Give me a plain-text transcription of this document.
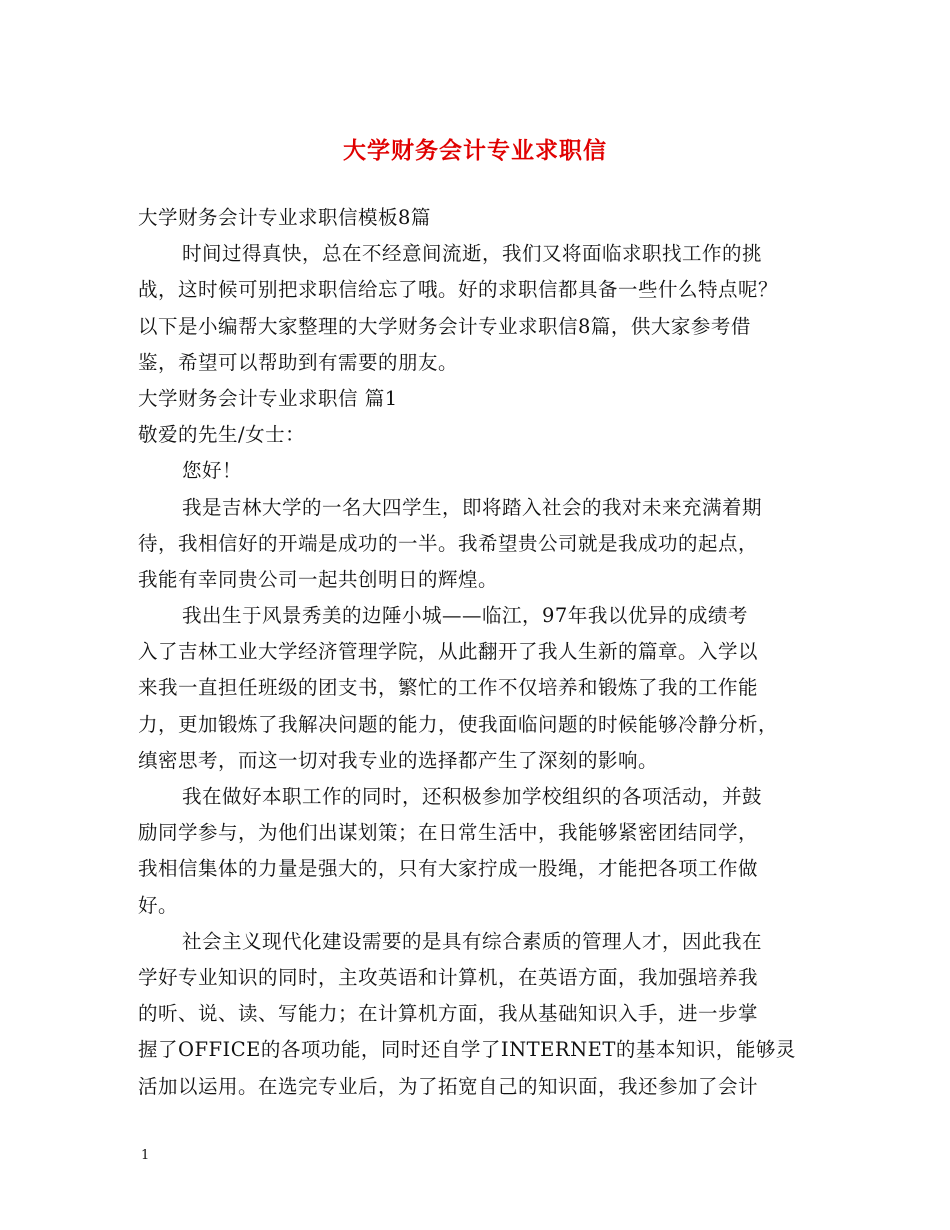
大学财务会计专业求职信
大学财务会计专业求职信模板8篇
时间过得真快，总在不经意间流逝，我们又将面临求职找工作的挑
战，这时候可别把求职信给忘了哦。好的求职信都具备一些什么特点呢？
以下是小编帮大家整理的大学财务会计专业求职信8篇，供大家参考借
鉴，希望可以帮助到有需要的朋友。
大学财务会计专业求职信 篇1
敬爱的先生/女士：
您好！
我是吉林大学的一名大四学生，即将踏入社会的我对未来充满着期
待，我相信好的开端是成功的一半。我希望贵公司就是我成功的起点，
我能有幸同贵公司一起共创明日的辉煌。
我出生于风景秀美的边陲小城——临江，97年我以优异的成绩考
入了吉林工业大学经济管理学院，从此翻开了我人生新的篇章。入学以
来我一直担任班级的团支书，繁忙的工作不仅培养和锻炼了我的工作能
力，更加锻炼了我解决问题的能力，使我面临问题的时候能够冷静分析，
缜密思考，而这一切对我专业的选择都产生了深刻的影响。
我在做好本职工作的同时，还积极参加学校组织的各项活动，并鼓
励同学参与，为他们出谋划策；在日常生活中，我能够紧密团结同学，
我相信集体的力量是强大的，只有大家拧成一股绳，才能把各项工作做
好。
社会主义现代化建设需要的是具有综合素质的管理人才，因此我在
学好专业知识的同时，主攻英语和计算机，在英语方面，我加强培养我
的听、说、读、写能力；在计算机方面，我从基础知识入手，进一步掌
握了OFFICE的各项功能，同时还自学了INTERNET的基本知识，能够灵
活加以运用。在选完专业后，为了拓宽自己的知识面，我还参加了会计
1
